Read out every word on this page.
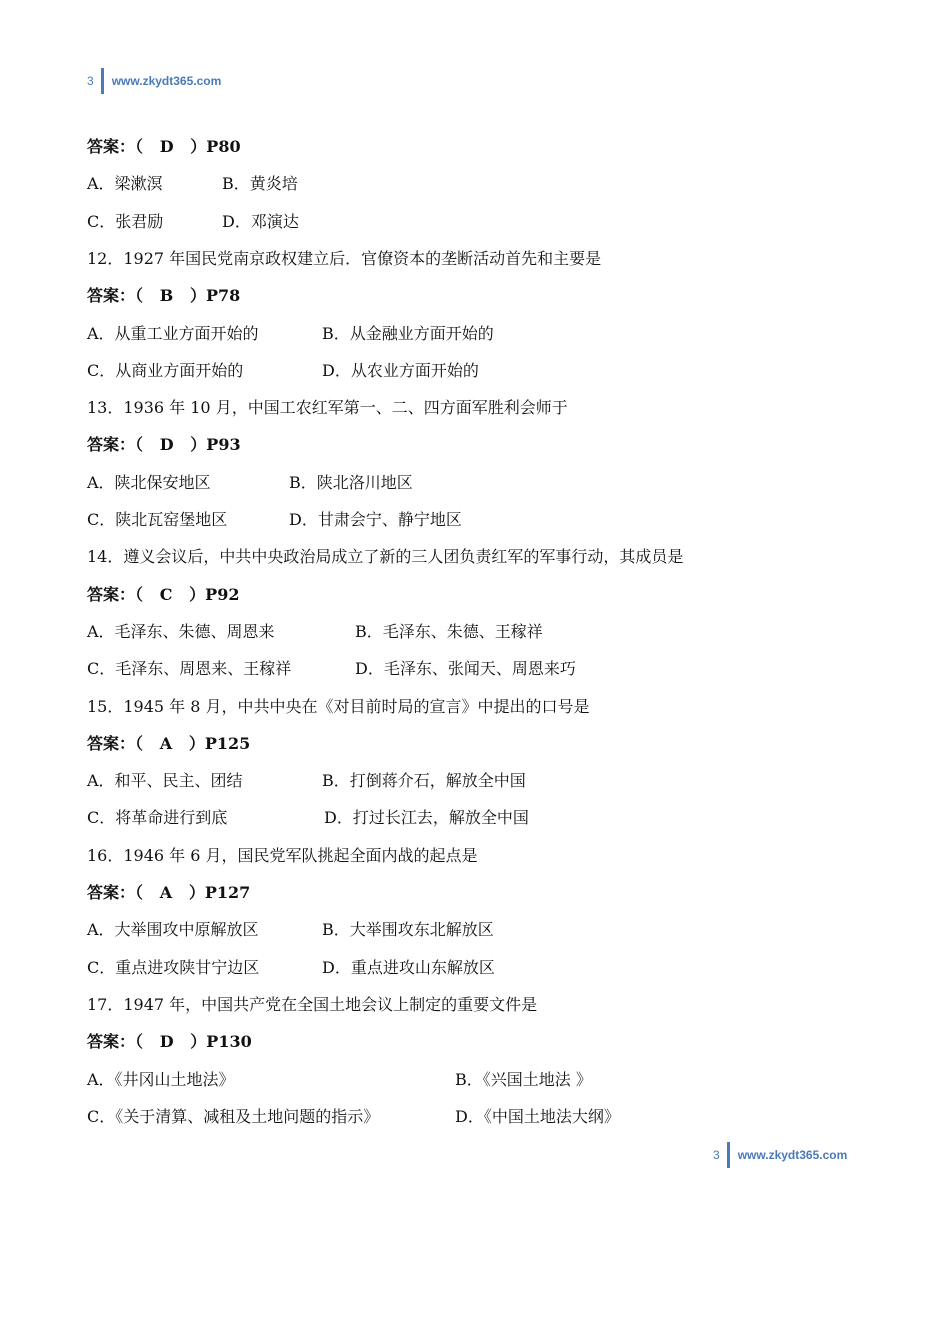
3 www.zkydt365.com
答案：（   D   ）P80
A．梁漱溟	B．黄炎培
C．张君励	D．邓演达
12．1927 年国民党南京政权建立后．官僚资本的垄断活动首先和主要是
答案：（   B   ）P78
A．从重工业方面开始的	B．从金融业方面开始的
C．从商业方面开始的	D．从农业方面开始的
13．1936 年 10 月，中国工农红军第一、二、四方面军胜利会师于
答案：（   D   ）P93
A．陕北保安地区	B．陕北洛川地区
C．陕北瓦窑堡地区	D．甘肃会宁、静宁地区
14．遵义会议后，中共中央政治局成立了新的三人团负责红军的军事行动，其成员是
答案：（   C   ）P92
A．毛泽东、朱德、周恩来	B．毛泽东、朱德、王稼祥
C．毛泽东、周恩来、王稼祥	D．毛泽东、张闻天、周恩来巧
15．1945 年 8 月，中共中央在《对目前时局的宣言》中提出的口号是
答案：（   A   ）P125
A．和平、民主、团结	B．打倒蒋介石，解放全中国
C．将革命进行到底	D．打过长江去，解放全中国
16．1946 年 6 月，国民党军队挑起全面内战的起点是
答案：（   A   ）P127
A．大举围攻中原解放区	B．大举围攻东北解放区
C．重点进攻陕甘宁边区	D．重点进攻山东解放区
17．1947 年，中国共产党在全国土地会议上制定的重要文件是
答案：（   D   ）P130
A．《井冈山土地法》	B．《兴国土地法 》
C．《关于清算、减租及土地问题的指示》	D．《中国土地法大纲》
3 www.zkydt365.com
